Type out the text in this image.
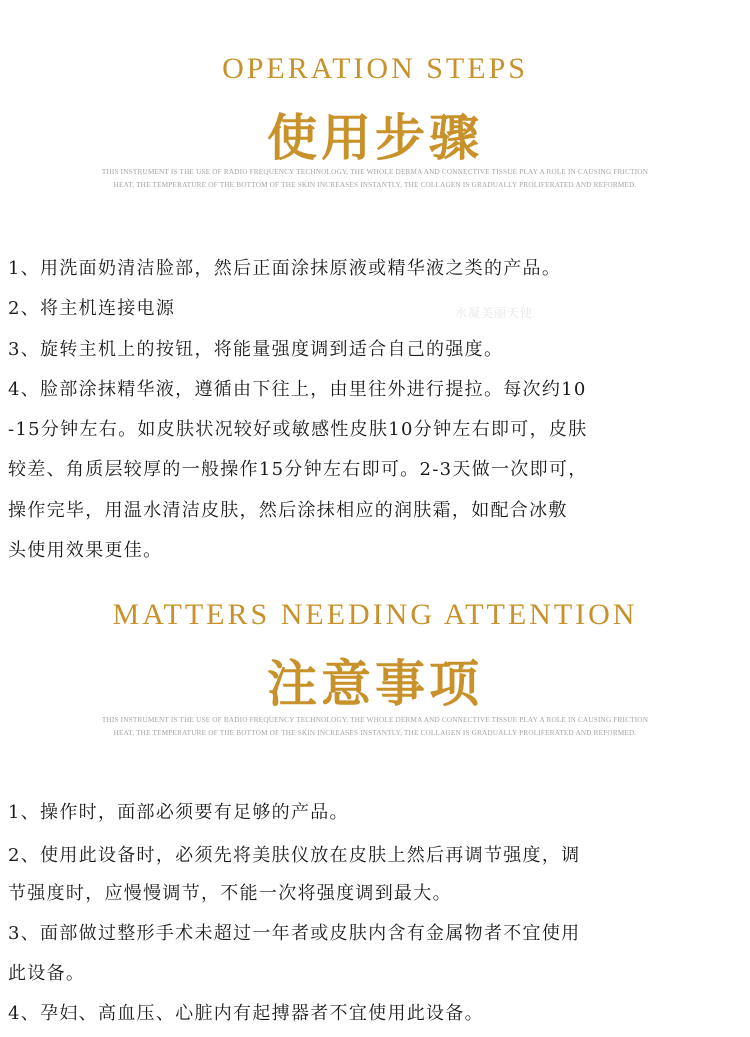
OPERATION STEPS
使用步骤
THIS INSTRUMENT IS THE USE OF RADIO FREQUENCY TECHNOLOGY, THE WHOLE DERMA AND CONNECTIVE TISSUE PLAY A ROLE IN CAUSING FRICTION
HEAT, THE TEMPERATURE OF THE BOTTOM OF THE SKIN INCREASES INSTANTLY, THE COLLAGEN IS GRADUALLY PROLIFERATED AND REFORMED.
1、用洗面奶清洁脸部，然后正面涂抹原液或精华液之类的产品。
2、将主机连接电源
3、旋转主机上的按钮，将能量强度调到适合自己的强度。
4、脸部涂抹精华液，遵循由下往上，由里往外进行提拉。每次约10
-15分钟左右。如皮肤状况较好或敏感性皮肤10分钟左右即可，皮肤
较差、角质层较厚的一般操作15分钟左右即可。2-3天做一次即可，
操作完毕，用温水清洁皮肤，然后涂抹相应的润肤霜，如配合冰敷
头使用效果更佳。
水凝美丽天使
MATTERS NEEDING ATTENTION
注意事项
THIS INSTRUMENT IS THE USE OF RADIO FREQUENCY TECHNOLOGY, THE WHOLE DERMA AND CONNECTIVE TISSUE PLAY A ROLE IN CAUSING FRICTION
HEAT, THE TEMPERATURE OF THE BOTTOM OF THE SKIN INCREASES INSTANTLY, THE COLLAGEN IS GRADUALLY PROLIFERATED AND REFORMED.
1、操作时，面部必须要有足够的产品。
2、使用此设备时，必须先将美肤仪放在皮肤上然后再调节强度，调
节强度时，应慢慢调节，不能一次将强度调到最大。
3、面部做过整形手术未超过一年者或皮肤内含有金属物者不宜使用
此设备。
4、孕妇、高血压、心脏内有起搏器者不宜使用此设备。
